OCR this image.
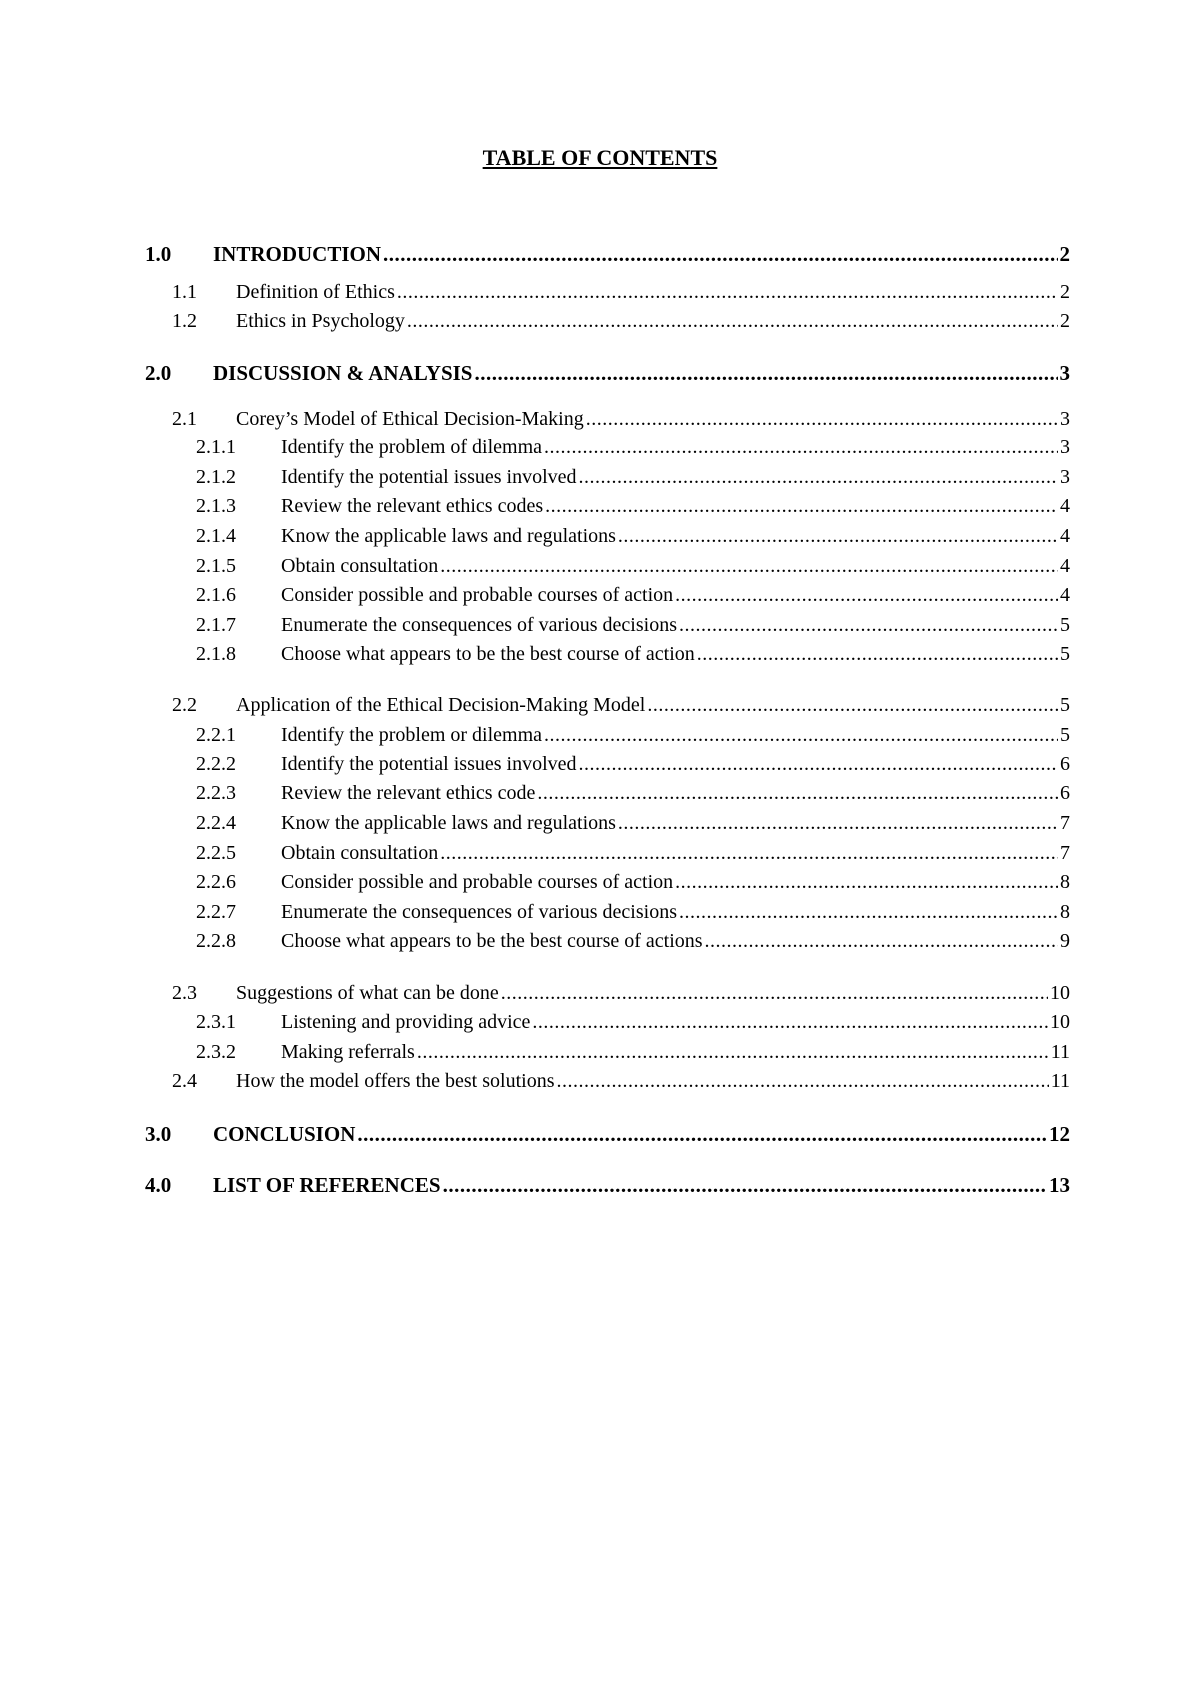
TABLE OF CONTENTS
1.0 INTRODUCTION .....	2
1.1 Definition of Ethics .....	2
1.2 Ethics in Psychology .....	2
2.0 DISCUSSION & ANALYSIS .....	3
2.1 Corey’s Model of Ethical Decision-Making .....	3
2.1.1 Identify the problem of dilemma .....	3
2.1.2 Identify the potential issues involved .....	3
2.1.3 Review the relevant ethics codes .....	4
2.1.4 Know the applicable laws and regulations .....	4
2.1.5 Obtain consultation .....	4
2.1.6 Consider possible and probable courses of action .....	4
2.1.7 Enumerate the consequences of various decisions .....	5
2.1.8 Choose what appears to be the best course of action .....	5
2.2 Application of the Ethical Decision-Making Model .....	5
2.2.1 Identify the problem or dilemma .....	5
2.2.2 Identify the potential issues involved .....	6
2.2.3 Review the relevant ethics code .....	6
2.2.4 Know the applicable laws and regulations .....	7
2.2.5 Obtain consultation .....	7
2.2.6 Consider possible and probable courses of action .....	8
2.2.7 Enumerate the consequences of various decisions .....	8
2.2.8 Choose what appears to be the best course of actions .....	9
2.3 Suggestions of what can be done .....	10
2.3.1 Listening and providing advice .....	10
2.3.2 Making referrals .....	11
2.4 How the model offers the best solutions .....	11
3.0 CONCLUSION .....	12
4.0 LIST OF REFERENCES .....	13
